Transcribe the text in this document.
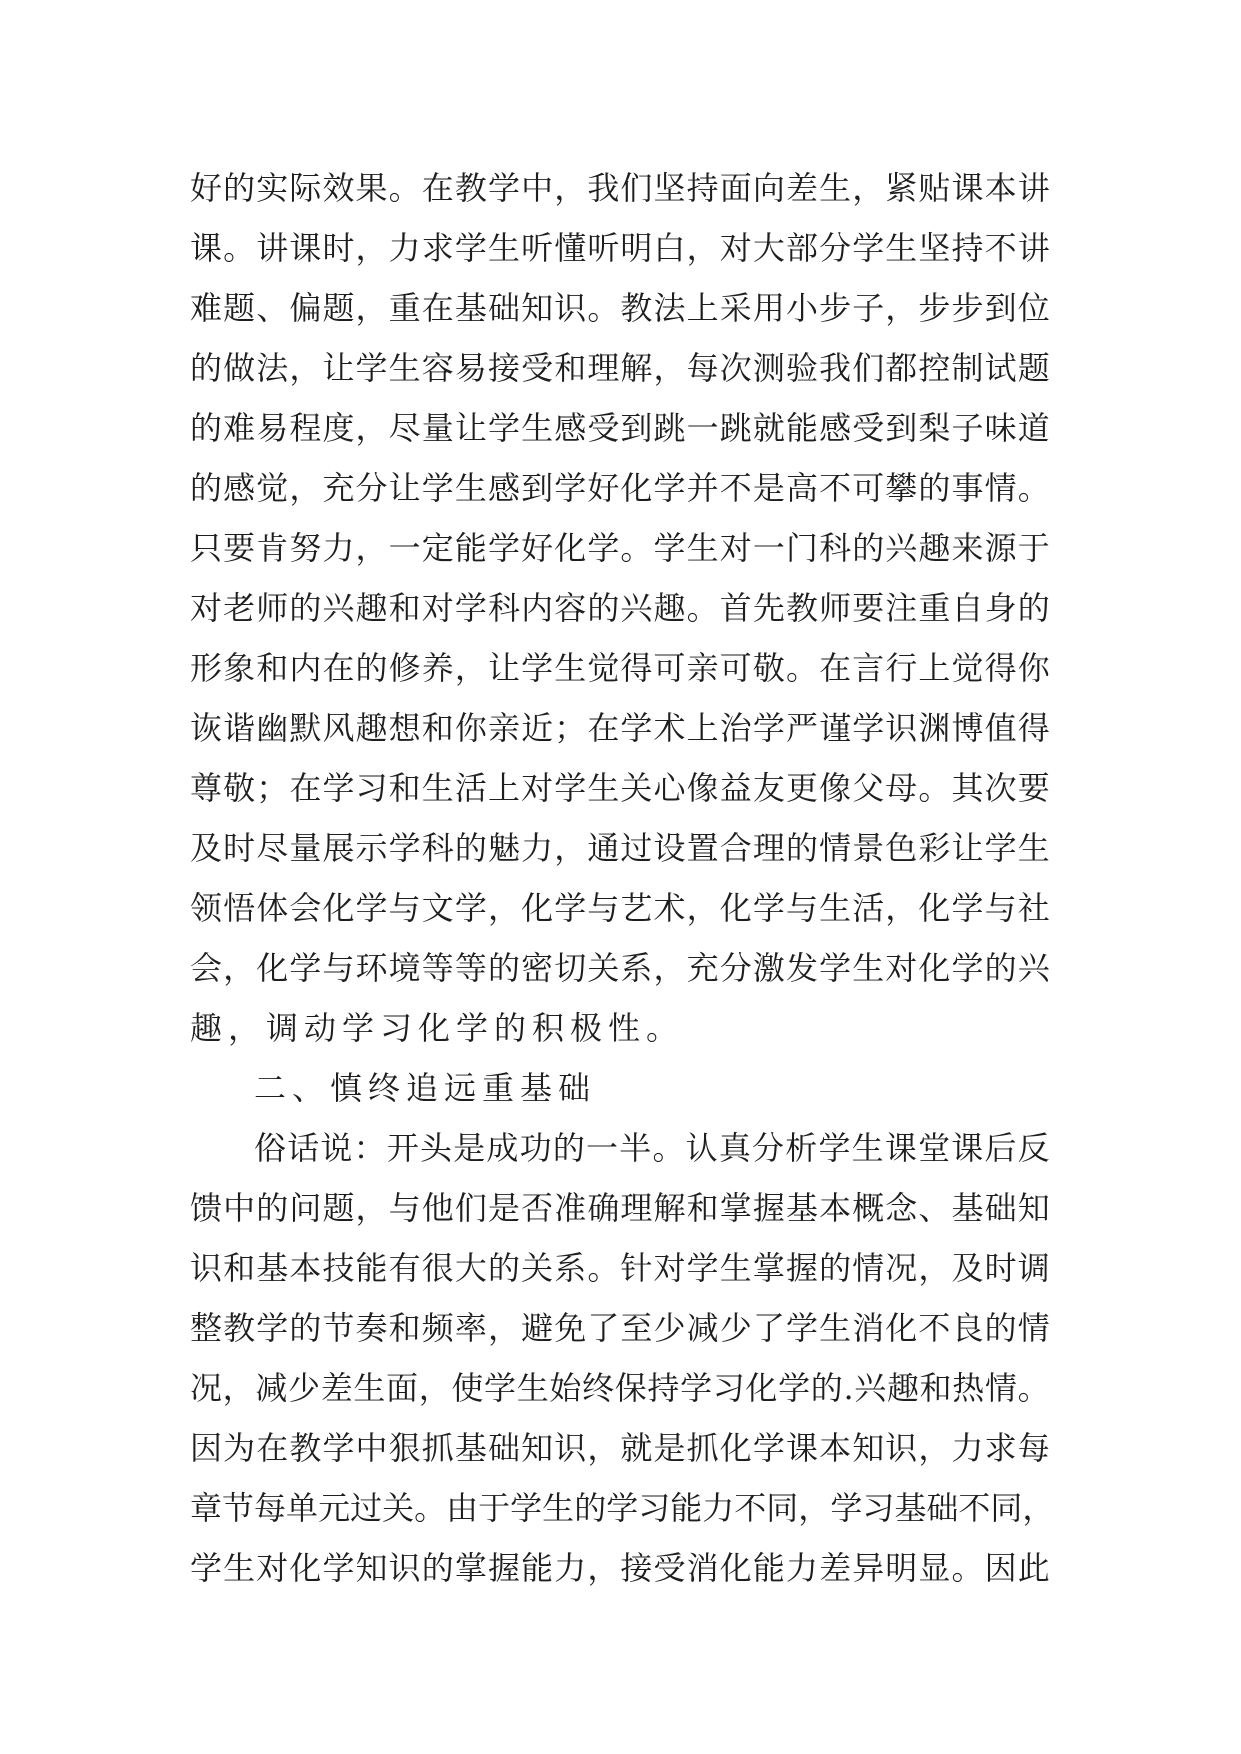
好 的 实 际 效 果 。 在 教 学 中 ， 我 们 坚 持 面 向 差 生 ， 紧 贴 课 本 讲
课 。 讲 课 时 ， 力 求 学 生 听 懂 听 明 白 ， 对 大 部 分 学 生 坚 持 不 讲
难 题 、 偏 题 ， 重 在 基 础 知 识 。 教 法 上 采 用 小 步 子 ， 步 步 到 位
的 做 法 ， 让 学 生 容 易 接 受 和 理 解 ， 每 次 测 验 我 们 都 控 制 试 题
的 难 易 程 度 ， 尽 量 让 学 生 感 受 到 跳 一 跳 就 能 感 受 到 梨 子 味 道
的 感 觉 ， 充 分 让 学 生 感 到 学 好 化 学 并 不 是 高 不 可 攀 的 事 情 。
只 要 肯 努 力 ， 一 定 能 学 好 化 学 。 学 生 对 一 门 科 的 兴 趣 来 源 于
对 老 师 的 兴 趣 和 对 学 科 内 容 的 兴 趣 。 首 先 教 师 要 注 重 自 身 的
形 象 和 内 在 的 修 养 ， 让 学 生 觉 得 可 亲 可 敬 。 在 言 行 上 觉 得 你
诙 谐 幽 默 风 趣 想 和 你 亲 近 ； 在 学 术 上 治 学 严 谨 学 识 渊 博 值 得
尊 敬 ； 在 学 习 和 生 活 上 对 学 生 关 心 像 益 友 更 像 父 母 。 其 次 要
及 时 尽 量 展 示 学 科 的 魅 力 ， 通 过 设 置 合 理 的 情 景 色 彩 让 学 生
领 悟 体 会 化 学 与 文 学 ， 化 学 与 艺 术 ， 化 学 与 生 活 ， 化 学 与 社
会 ， 化 学 与 环 境 等 等 的 密 切 关 系 ， 充 分 激 发 学 生 对 化 学 的 兴
趣，调动学习化学的积极性。
二、慎终追远重基础
俗 话 说 ： 开 头 是 成 功 的 一 半 。 认 真 分 析 学 生 课 堂 课 后 反
馈 中 的 问 题 ， 与 他 们 是 否 准 确 理 解 和 掌 握 基 本 概 念 、 基 础 知
识 和 基 本 技 能 有 很 大 的 关 系 。 针 对 学 生 掌 握 的 情 况 ， 及 时 调
整 教 学 的 节 奏 和 频 率 ， 避 免 了 至 少 减 少 了 学 生 消 化 不 良 的 情
况 ， 减 少 差 生 面 ， 使 学 生 始 终 保 持 学 习 化 学 的 . 兴 趣 和 热 情 。
因 为 在 教 学 中 狠 抓 基 础 知 识 ， 就 是 抓 化 学 课 本 知 识 ， 力 求 每
章 节 每 单 元 过 关 。 由 于 学 生 的 学 习 能 力 不 同 ， 学 习 基 础 不 同 ，
学 生 对 化 学 知 识 的 掌 握 能 力 ， 接 受 消 化 能 力 差 异 明 显 。 因 此
